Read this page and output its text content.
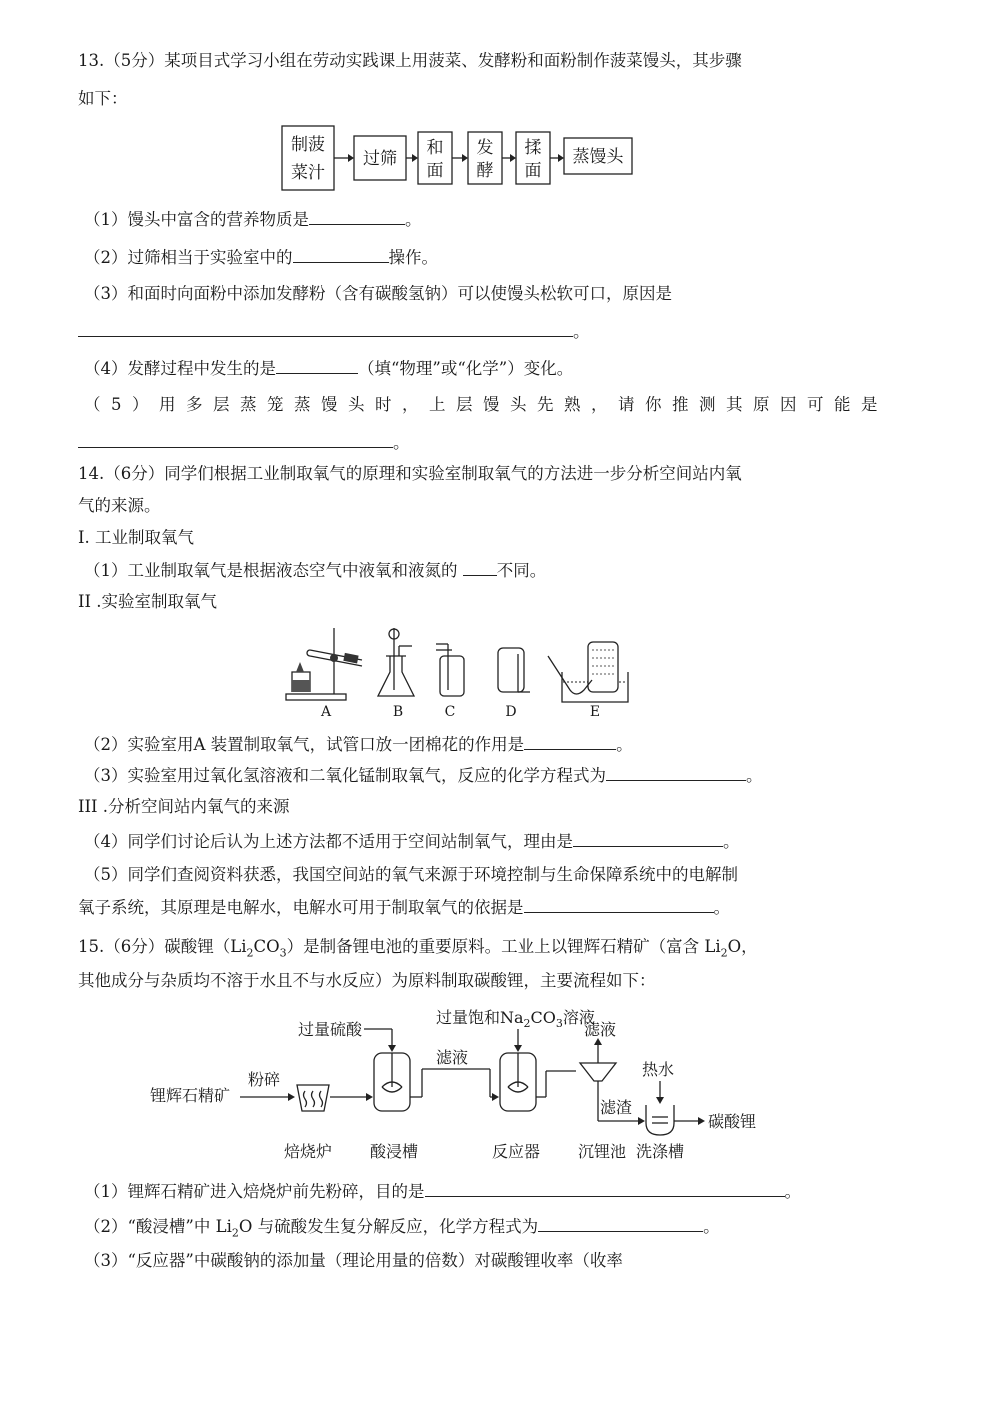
13.（5分）某项目式学习小组在劳动实践课上用菠菜、发酵粉和面粉制作菠菜馒头，其步骤
如下：
制菠
菜汁
过筛
和
面
发
酵
揉
面
蒸馒头
（1）馒头中富含的营养物质是	。
（2）过筛相当于实验室中的	操作。
（3）和面时向面粉中添加发酵粉（含有碳酸氢钠）可以使馒头松软可口，原因是
。
（4）发酵过程中发生的是	（填“物理”或“化学”）变化。
（5）用多层蒸笼蒸馒头时，上层馒头先熟，请你推测其原因可能是
。
14.（6分）同学们根据工业制取氧气的原理和实验室制取氧气的方法进一步分析空间站内氧
气的来源。
I. 工业制取氧气
（1）工业制取氧气是根据液态空气中液氧和液氮的 不同。
II .实验室制取氧气
A	B	C	D	E
（2）实验室用A 装置制取氧气，试管口放一团棉花的作用是	。
（3）实验室用过氧化氢溶液和二氧化锰制取氧气，反应的化学方程式为	。
III .分析空间站内氧气的来源
（4）同学们讨论后认为上述方法都不适用于空间站制氧气，理由是	。
（5）同学们查阅资料获悉，我国空间站的氧气来源于环境控制与生命保障系统中的电解制
氧子系统，其原理是电解水，电解水可用于制取氧气的依据是	。
15.（6分）碳酸锂$(Li_2CO_3)$是制备锂电池的重要原料。工业上以锂辉石精矿（富含 $Li_2O$，
其他成分与杂质均不溶于水且不与水反应）为原料制取碳酸锂，主要流程如下：
锂辉石精矿
粉碎
过量硫酸
滤液
过量饱和$Na_2CO_3$溶液
滤液
滤渣
热水
碳酸锂
焙烧炉 酸浸槽	反应器 沉锂池 洗涤槽
（1）锂辉石精矿进入焙烧炉前先粉碎，目的是	。
（2）“酸浸槽”中 $Li_2O$ 与硫酸发生复分解反应，化学方程式为	。
（3）“反应器”中碳酸钠的添加量（理论用量的倍数）对碳酸锂收率（收率
